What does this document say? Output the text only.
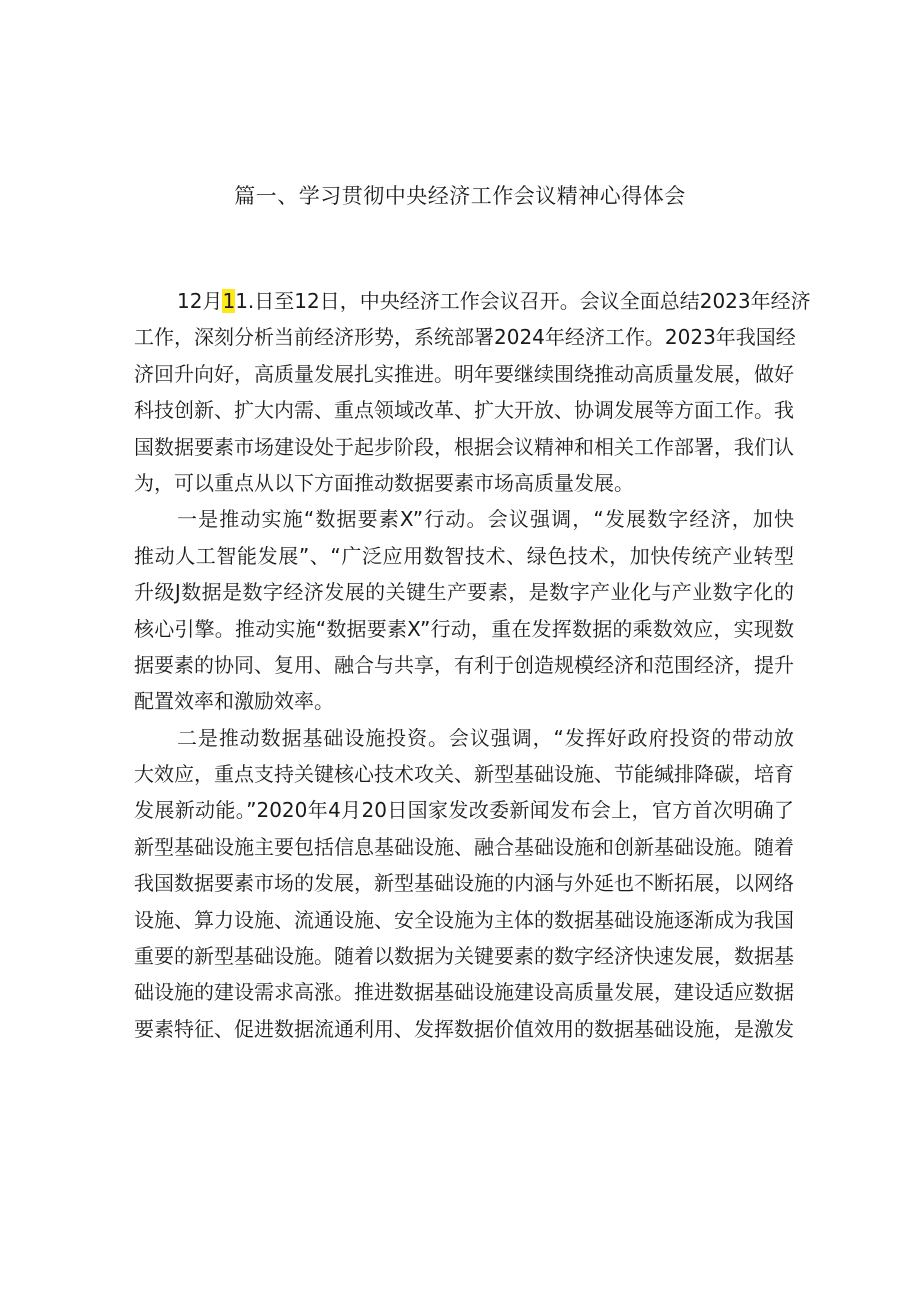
篇一、学习贯彻中央经济工作会议精神心得体会
12月11.日至12日，中央经济工作会议召开。会议全面总结2023年经济
工作，深刻分析当前经济形势，系统部署2024年经济工作。2023年我国经
济回升向好，高质量发展扎实推进。明年要继续围绕推动高质量发展，做好
科技创新、扩大内需、重点领域改革、扩大开放、协调发展等方面工作。我
国数据要素市场建设处于起步阶段，根据会议精神和相关工作部署，我们认
为，可以重点从以下方面推动数据要素市场高质量发展。
一是推动实施“数据要素X”行动。会议强调，“发展数字经济，加快
推动人工智能发展”、“广泛应用数智技术、绿色技术，加快传统产业转型
升级J数据是数字经济发展的关键生产要素，是数字产业化与产业数字化的
核心引擎。推动实施“数据要素X”行动，重在发挥数据的乘数效应，实现数
据要素的协同、复用、融合与共享，有利于创造规模经济和范围经济，提升
配置效率和激励效率。
二是推动数据基础设施投资。会议强调，“发挥好政府投资的带动放
大效应，重点支持关键核心技术攻关、新型基础设施、节能缄排降碳，培育
发展新动能。”2020年4月20日国家发改委新闻发布会上，官方首次明确了
新型基础设施主要包括信息基础设施、融合基础设施和创新基础设施。随着
我国数据要素市场的发展，新型基础设施的内涵与外延也不断拓展，以网络
设施、算力设施、流通设施、安全设施为主体的数据基础设施逐渐成为我国
重要的新型基础设施。随着以数据为关键要素的数字经济快速发展，数据基
础设施的建设需求高涨。推进数据基础设施建设高质量发展，建设适应数据
要素特征、促进数据流通利用、发挥数据价值效用的数据基础设施，是激发
